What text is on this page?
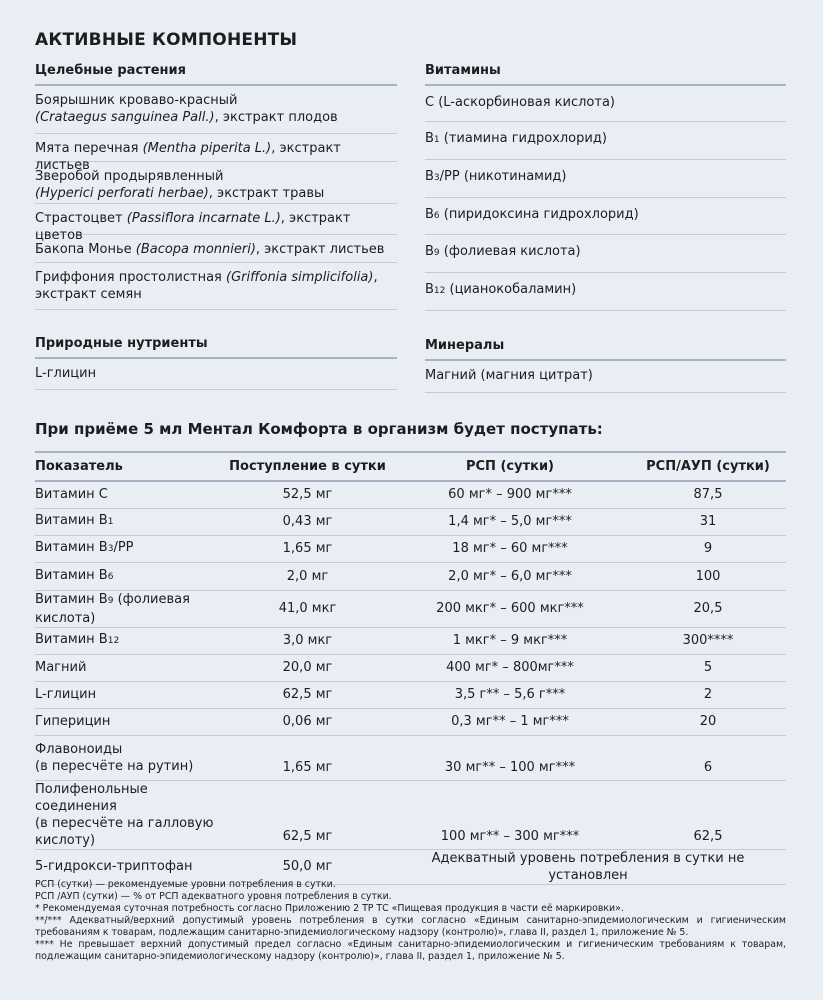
АКТИВНЫЕ КОМПОНЕНТЫ
Целебные растения
Боярышник кроваво-красный
(Crataegus sanguinea Pall.), экстракт плодов
Мята перечная (Mentha piperita L.), экстракт листьев
Зверобой продырявленный
(Hyperici perforati herbae), экстракт травы
Страстоцвет (Passiflora incarnate L.), экстракт цветов
Бакопа Монье (Bacopa monnieri), экстракт листьев
Гриффония простолистная (Griffonia simplicifolia),
экстракт семян
Природные нутриенты
L-глицин
Витамины
C (L-аскорбиновая кислота)
B1 (тиамина гидрохлорид)
B3/PP (никотинамид)
B6 (пиридоксина гидрохлорид)
B9 (фолиевая кислота)
B12 (цианокобаламин)
Минералы
Магний (магния цитрат)
При приёме 5 мл Ментал Комфорта в организм будет поступать:
Показатель	Поступление в сутки	РСП (сутки)	РСП/АУП (сутки)
Витамин С	52,5 мг	60 мг* – 900 мг***	87,5
Витамин B1	0,43 мг	1,4 мг* – 5,0 мг***	31
Витамин B3/PP	1,65 мг	18 мг* – 60 мг***	9
Витамин B6	2,0 мг	2,0 мг* – 6,0 мг***	100
Витамин B9 (фолиевая кислота)	41,0 мкг	200 мкг* – 600 мкг***	20,5
Витамин B12	3,0 мкг	1 мкг* – 9 мкг***	300****
Магний	20,0 мг	400 мг* – 800мг***	5
L-глицин	62,5 мг	3,5 г** – 5,6 г***	2
Гиперицин	0,06 мг	0,3 мг** – 1 мг***	20
Флавоноиды
(в пересчёте на рутин)	1,65 мг	30 мг** – 100 мг***	6
Полифенольные соединения
(в пересчёте на галловую
кислоту)	62,5 мг	100 мг** – 300 мг***	62,5
5-гидрокси-триптофан	50,0 мг	Адекватный уровень потребления в сутки не установлен	
РСП (сутки) — рекомендуемые уровни потребления в сутки.
РСП /АУП (сутки) — % от РСП адекватного уровня потребления в сутки.
* Рекомендуемая суточная потребность согласно Приложению 2 ТР ТС «Пищевая продукция в части её маркировки».
**/*** Адекватный/верхний допустимый уровень потребления в сутки согласно «Единым санитарно-эпидемиологическим и гигиеническим требованиям к товарам, подлежащим санитарно-эпидемиологическому надзору (контролю)», глава II, раздел 1, приложение № 5.
**** Не превышает верхний допустимый предел согласно «Единым санитарно-эпидемиологическим и гигиеническим требованиям к товарам, подлежащим санитарно-эпидемиологическому надзору (контролю)», глава II, раздел 1, приложение № 5.
